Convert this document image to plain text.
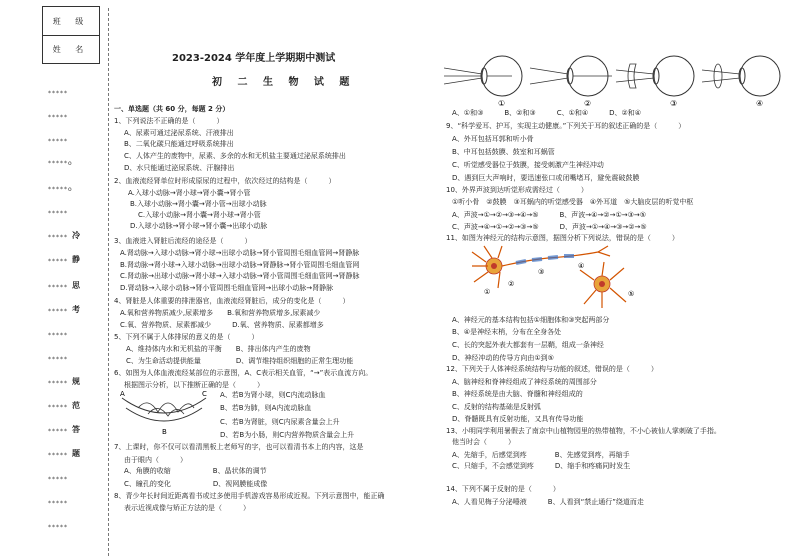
班 级
姓 名
*****
*****
*****
*****o
*****o
*****
*****
*****
*****
*****
*****
*****
*****
*****
*****
*****
*****
*****
*****
冷
静
思
考
规
范
答
题
2023-2024 学年度上学期期中测试
初 二 生 物 试 题
一、单选题（共 60 分，每题 2 分）
1、下列说法不正确的是（　　　）
A、尿素可通过泌尿系统、汗液排出
B、二氧化碳只能通过呼吸系统排出
C、人体产生的废物中，尿素、多余的水和无机盐主要通过泌尿系统排出
D、水只能通过泌尿系统、汗腺排出
2、血液流经肾单位时形成原尿的过程中，依次经过的结构是（　　　）
A.入球小动脉→肾小球→肾小囊→肾小管
B.入球小动脉→肾小囊→肾小管→出球小动脉
C.入球小动脉→肾小囊→肾小球→肾小管
D.入球小动脉→肾小球→肾小囊→出球小动脉
3、血液进入肾脏后流经的途径是（　　　）
A.肾动脉→入球小动脉→肾小球→出球小动脉→肾小管周围毛细血管网→肾静脉
B.肾动脉→肾小球→入球小动脉→出球小动脉→肾静脉→肾小管周围毛细血管网
C.肾动脉→出球小动脉→肾小球→入球小动脉→肾小管周围毛细血管网→肾静脉
D.肾动脉→入球小动脉→肾小管周围毛细血管网→出球小动脉→肾静脉
4、肾脏是人体重要的排泄器官，血液流经肾脏后，成分的变化是（　　　）
A.氧和营养物质减少,尿素增多　　B.氧和营养物质增多,尿素减少
C.氧、营养物质、尿素都减少　　　D.氧、营养物质、尿素都增多
5、下列不属于人体排尿的意义的是（　　　）
A、维持体内水和无机盐的平衡　　B、排出体内产生的废物
C、为生命活动提供能量　　　　　D、调节维持组织细胞的正常生理功能
6、如图为人体血液流经某部位的示意图，A、C表示相关血管，“→”表示血流方向。
根据图示分析，以下推断正确的是（　　　）
A、若B为肾小球，则C内流动脉血
B、若B为肺，则A内流动脉血
C、若B为肾脏，则C内尿素含量会上升
D、若B为小肠，则C内营养物质含量会上升
7、上课时，你不仅可以看清黑板上老师写的字，也可以看清书本上的内容，这是
由于眼内（　　　）
A、角膜的收缩　　　　　　B、晶状体的调节
C、瞳孔的变化　　　　　　D、视网膜能成像
8、青少年长时间近距离看书或过多使用手机游戏容易形成近视。下列示意图中，能正确
表示近视成像与矫正方法的是（　　　）
A
B
C
①	②	③	④
A、①和③　　　B、②和③　　　C、①和④　　　D、②和④
9、“科学爱耳、护耳，实现主动健康。”下列关于耳的叙述正确的是（　　　）
A、外耳包括耳郭和听小骨
B、中耳包括鼓膜、鼓室和耳蜗管
C、听觉感受器位于鼓膜，接受刺激产生神经冲动
D、遇到巨大声响时，要迅速张口或闭嘴堵耳，避免震破鼓膜
10、外界声波到达听觉形成需经过（　　　）
①听小骨　②鼓膜　③耳蜗内的听觉感受器　④外耳道　⑤大脑皮层的听觉中枢
A、声波→①→②→③→④→⑤　　　B、声波→④→②→①→③→⑤
C、声波→④→①→②→③→⑤　　　D、声波→①→④→③→②→⑤
11、如图为神经元的结构示意图，据图分析下列说法，错误的是（　　　）
①
②
③
④
⑤
A、神经元的基本结构包括①细胞体和③突起两部分
B、④是神经末梢，分布在全身各处
C、长的突起外表大都套有一层鞘，组成一条神经
D、神经冲动的传导方向由①到⑤
12、下列关于人体神经系统结构与功能的叙述，错误的是（　　　）
A、脑神经和脊神经组成了神经系统的周围部分
B、神经系统是由大脑、脊髓和神经组成的
C、反射的结构基础是反射弧
D、脊髓既具有反射功能，又具有传导功能
13、小明同学利用暑假去了南京中山植物园里的热带植物，不小心被仙人掌刺破了手指。
他当时会（　　　）
A、先缩手，后感觉到疼　　　　B、先感觉到疼，再缩手
C、只缩手，不会感觉到疼　　　D、缩手和疼痛同时发生
14、下列不属于反射的是（　　　）
A、人看见梅子分泌唾液　　　B、人看到“禁止通行”绕道而走
